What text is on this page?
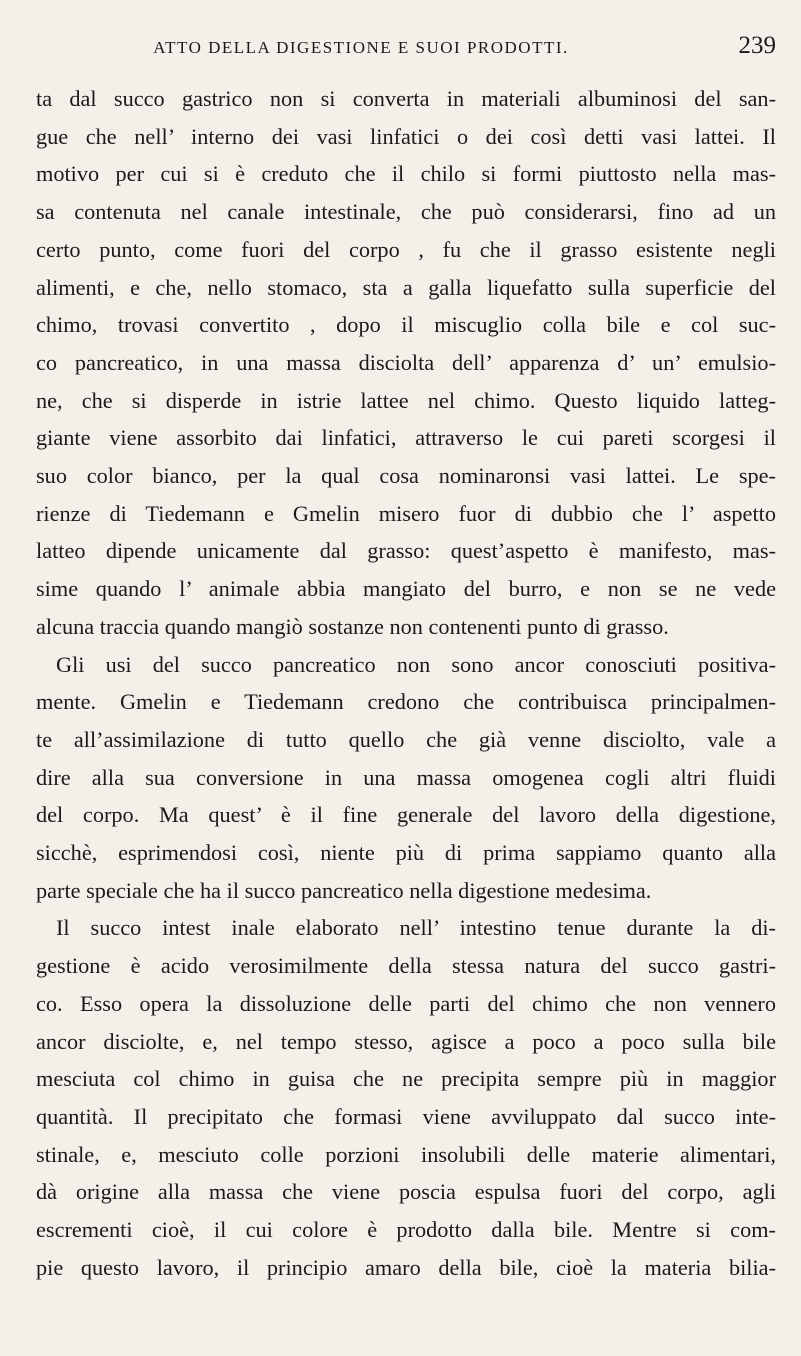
ATTO DELLA DIGESTIONE E SUOI PRODOTTI.	239
ta dal succo gastrico non si converta in materiali albuminosi del san-
gue che nell’ interno dei vasi linfatici o dei così detti vasi lattei. Il
motivo per cui si è creduto che il chilo si formi piuttosto nella mas-
sa contenuta nel canale intestinale, che può considerarsi, fino ad un
certo punto, come fuori del corpo , fu che il grasso esistente negli
alimenti, e che, nello stomaco, sta a galla liquefatto sulla superficie del
chimo, trovasi convertito , dopo il miscuglio colla bile e col suc-
co pancreatico, in una massa disciolta dell’ apparenza d’ un’ emulsio-
ne, che si disperde in istrie lattee nel chimo. Questo liquido latteg-
giante viene assorbito dai linfatici, attraverso le cui pareti scorgesi il
suo color bianco, per la qual cosa nominaronsi vasi lattei. Le spe-
rienze di Tiedemann e Gmelin misero fuor di dubbio che l’ aspetto
latteo dipende unicamente dal grasso: quest’aspetto è manifesto, mas-
sime quando l’ animale abbia mangiato del burro, e non se ne vede
alcuna traccia quando mangiò sostanze non contenenti punto di grasso.
Gli usi del succo pancreatico non sono ancor conosciuti positiva-
mente. Gmelin e Tiedemann credono che contribuisca principalmen-
te all’assimilazione di tutto quello che già venne disciolto, vale a
dire alla sua conversione in una massa omogenea cogli altri fluidi
del corpo. Ma quest’ è il fine generale del lavoro della digestione,
sicchè, esprimendosi così, niente più di prima sappiamo quanto alla
parte speciale che ha il succo pancreatico nella digestione medesima.
Il succo intest inale elaborato nell’ intestino tenue durante la di-
gestione è acido verosimilmente della stessa natura del succo gastri-
co. Esso opera la dissoluzione delle parti del chimo che non vennero
ancor disciolte, e, nel tempo stesso, agisce a poco a poco sulla bile
mesciuta col chimo in guisa che ne precipita sempre più in maggior
quantità. Il precipitato che formasi viene avviluppato dal succo inte-
stinale, e, mesciuto colle porzioni insolubili delle materie alimentari,
dà origine alla massa che viene poscia espulsa fuori del corpo, agli
escrementi cioè, il cui colore è prodotto dalla bile. Mentre si com-
pie questo lavoro, il principio amaro della bile, cioè la materia bilia-
